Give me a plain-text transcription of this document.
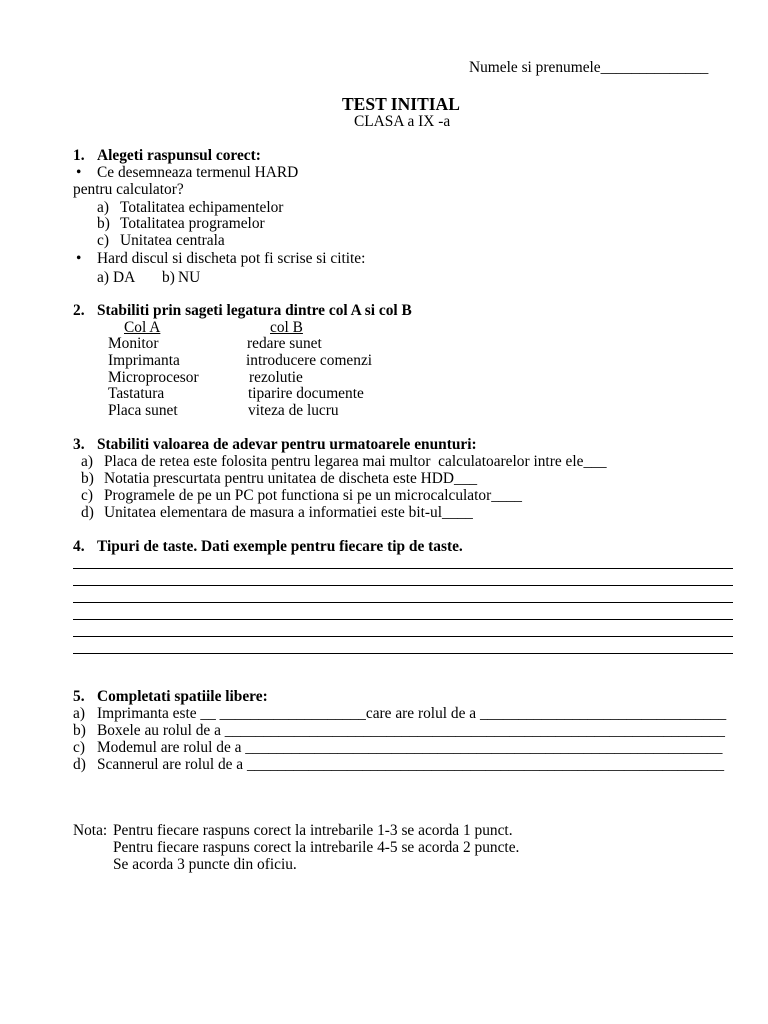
Numele si prenumele______________
TEST INITIAL
CLASA a IX -a
1. Alegeti raspunsul corect:
• Ce desemneaza termenul HARD
pentru calculator?
a) Totalitatea echipamentelor
b) Totalitatea programelor
c) Unitatea centrala
• Hard discul si discheta pot fi scrise si citite:
a) DA b) NU
2. Stabiliti prin sageti legatura dintre col A si col B
Col A	col B
Monitor	redare sunet
Imprimanta	introducere comenzi
Microprocesor	rezolutie
Tastatura	tiparire documente
Placa sunet	viteza de lucru
3. Stabiliti valoarea de adevar pentru urmatoarele enunturi:
a) Placa de retea este folosita pentru legarea mai multor  calculatoarelor intre ele___
b) Notatia prescurtata pentru unitatea de discheta este HDD___
c) Programele de pe un PC pot functiona si pe un microcalculator____
d) Unitatea elementara de masura a informatiei este bit-ul____
4. Tipuri de taste. Dati exemple pentru fiecare tip de taste.
5. Completati spatiile libere:
a) Imprimanta este __ ___________________care are rolul de a ________________________________
b) Boxele au rolul de a _________________________________________________________________
c) Modemul are rolul de a ______________________________________________________________
d) Scannerul are rolul de a ______________________________________________________________
Nota: Pentru fiecare raspuns corect la intrebarile 1-3 se acorda 1 punct.
Pentru fiecare raspuns corect la intrebarile 4-5 se acorda 2 puncte.
Se acorda 3 puncte din oficiu.
